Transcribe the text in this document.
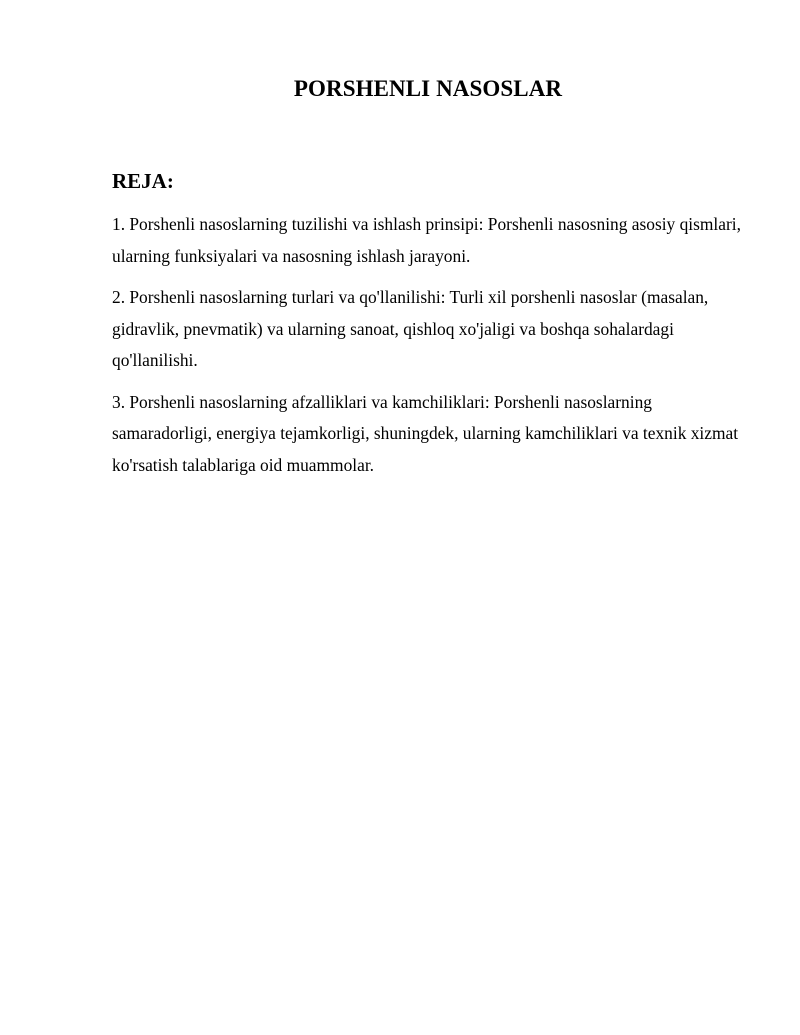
PORSHENLI NASOSLAR
REJA:
1. Porshenli nasoslarning tuzilishi va ishlash prinsipi: Porshenli nasosning asosiy qismlari, ularning funksiyalari va nasosning ishlash jarayoni.
2. Porshenli nasoslarning turlari va qo'llanilishi: Turli xil porshenli nasoslar (masalan, gidravlik, pnevmatik) va ularning sanoat, qishloq xo'jaligi va boshqa sohalardagi qo'llanilishi.
3. Porshenli nasoslarning afzalliklari va kamchiliklari: Porshenli nasoslarning samaradorligi, energiya tejamkorligi, shuningdek, ularning kamchiliklari va texnik xizmat ko'rsatish talablariga oid muammolar.
